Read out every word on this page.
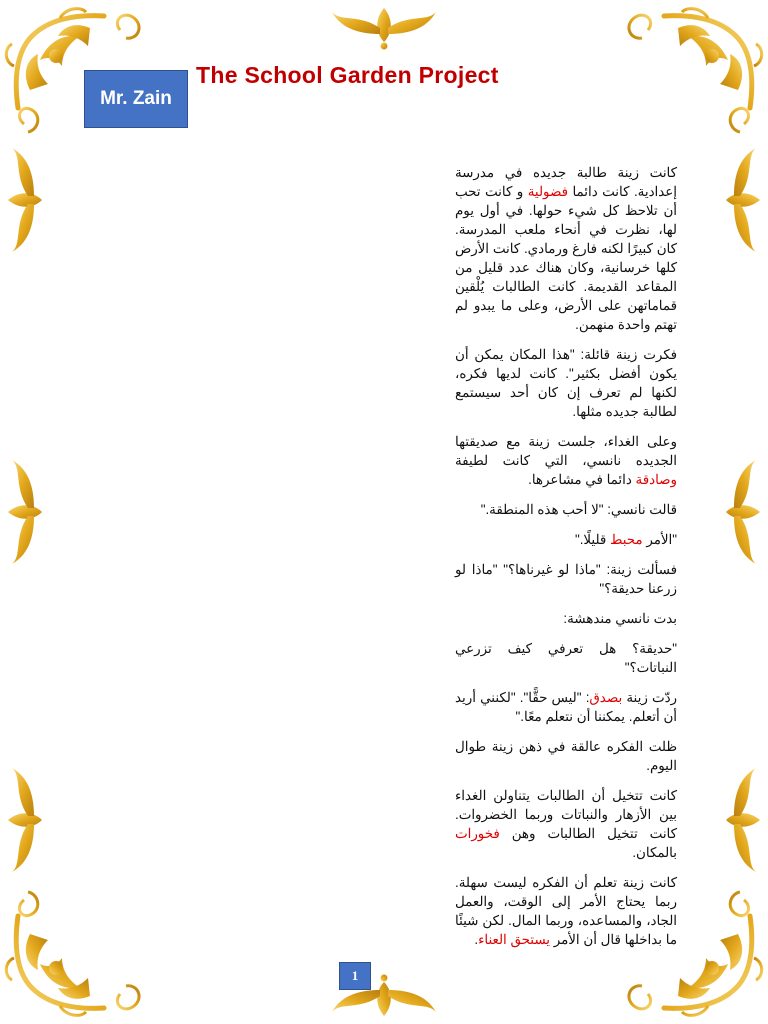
Mr. Zain
The School Garden Project

كانت زينة طالبة جديده في مدرسة إعدادية. كانت دائما فضولية و كانت تحب أن تلاحظ كل شيء حولها. في أول يوم لها، نظرت في أنحاء ملعب المدرسة. كان كبيرًا لكنه فارغ ورمادي. كانت الأرض كلها خرسانية، وكان هناك عدد قليل من المقاعد القديمة. كانت الطالبات يُلْقين قماماتهن على الأرض، وعلى ما يبدو لم تهتم واحدة منهمن.

فكرت زينة قائلة: "هذا المكان يمكن أن يكون أفضل بكثير". كانت لديها فكره، لكنها لم تعرف إن كان أحد سيستمع لطالبة جديده مثلها.

وعلى الغداء، جلست زينة مع صديقتها الجديده نانسي، التي كانت لطيفة وصادقة دائما في مشاعرها.

قالت نانسي: "لا أحب هذه المنطقة."

"الأمر محبط قليلًا."

فسألت زينة: "ماذا لو غيرناها؟" "ماذا لو زرعنا حديقة؟"

بدت نانسي مندهشة:

"حديقة؟ هل تعرفي كيف تزرعي النباتات؟"

ردّت زينة بصدق: "ليس حقًّا". "لكنني أريد أن أتعلم. يمكننا أن نتعلم معًا."

ظلت الفكره عالقة في ذهن زينة طوال اليوم.

كانت تتخيل أن الطالبات يتناولن الغداء بين الأزهار والنباتات وربما الخضروات. كانت تتخيل الطالبات وهن فخورات بالمكان.

كانت زينة تعلم أن الفكره ليست سهلة. ربما يحتاج الأمر إلى الوقت، والعمل الجاد، والمساعده، وربما المال. لكن شيئًا ما بداخلها قال أن الأمر يستحق العناء.

1
